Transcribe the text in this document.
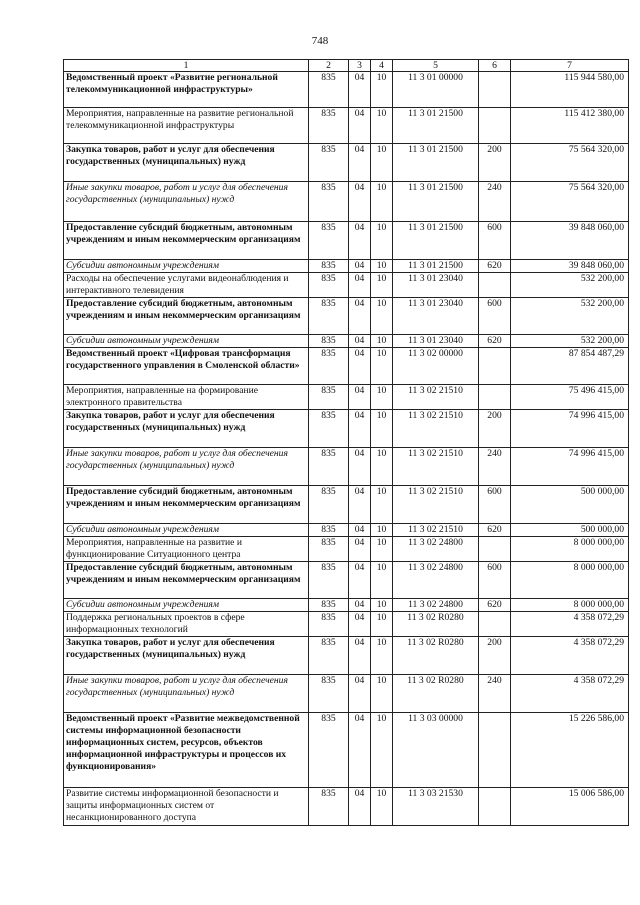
748
1	2	3	4	5	6	7
Ведомственный проект «Развитие региональной телекоммуникационной инфраструктуры»	835	04	10	11 3 01 00000		115 944 580,00
Мероприятия, направленные на развитие региональной телекоммуникационной инфраструктуры	835	04	10	11 3 01 21500		115 412 380,00
Закупка товаров, работ и услуг для обеспечения государственных (муниципальных) нужд	835	04	10	11 3 01 21500	200	75 564 320,00
Иные закупки товаров, работ и услуг для обеспечения государственных (муниципальных) нужд	835	04	10	11 3 01 21500	240	75 564 320,00
Предоставление субсидий бюджетным, автономным учреждениям и иным некоммерческим организациям	835	04	10	11 3 01 21500	600	39 848 060,00
Субсидии автономным учреждениям	835	04	10	11 3 01 21500	620	39 848 060,00
Расходы на обеспечение услугами видеонаблюдения и интерактивного телевидения	835	04	10	11 3 01 23040		532 200,00
Предоставление субсидий бюджетным, автономным учреждениям и иным некоммерческим организациям	835	04	10	11 3 01 23040	600	532 200,00
Субсидии автономным учреждениям	835	04	10	11 3 01 23040	620	532 200,00
Ведомственный проект «Цифровая трансформация государственного управления в Смоленской области»	835	04	10	11 3 02 00000		87 854 487,29
Мероприятия, направленные на формирование электронного правительства	835	04	10	11 3 02 21510		75 496 415,00
Закупка товаров, работ и услуг для обеспечения государственных (муниципальных) нужд	835	04	10	11 3 02 21510	200	74 996 415,00
Иные закупки товаров, работ и услуг для обеспечения государственных (муниципальных) нужд	835	04	10	11 3 02 21510	240	74 996 415,00
Предоставление субсидий бюджетным, автономным учреждениям и иным некоммерческим организациям	835	04	10	11 3 02 21510	600	500 000,00
Субсидии автономным учреждениям	835	04	10	11 3 02 21510	620	500 000,00
Мероприятия, направленные на развитие и функционирование Ситуационного центра	835	04	10	11 3 02 24800		8 000 000,00
Предоставление субсидий бюджетным, автономным учреждениям и иным некоммерческим организациям	835	04	10	11 3 02 24800	600	8 000 000,00
Субсидии автономным учреждениям	835	04	10	11 3 02 24800	620	8 000 000,00
Поддержка региональных проектов в сфере информационных технологий	835	04	10	11 3 02 R0280		4 358 072,29
Закупка товаров, работ и услуг для обеспечения государственных (муниципальных) нужд	835	04	10	11 3 02 R0280	200	4 358 072,29
Иные закупки товаров, работ и услуг для обеспечения государственных (муниципальных) нужд	835	04	10	11 3 02 R0280	240	4 358 072,29
Ведомственный проект «Развитие межведомственной системы информационной безопасности информационных систем, ресурсов, объектов информационной инфраструктуры и процессов их функционирования»	835	04	10	11 3 03 00000		15 226 586,00
Развитие системы информационной безопасности и защиты информационных систем от несанкционированного доступа	835	04	10	11 3 03 21530		15 006 586,00
